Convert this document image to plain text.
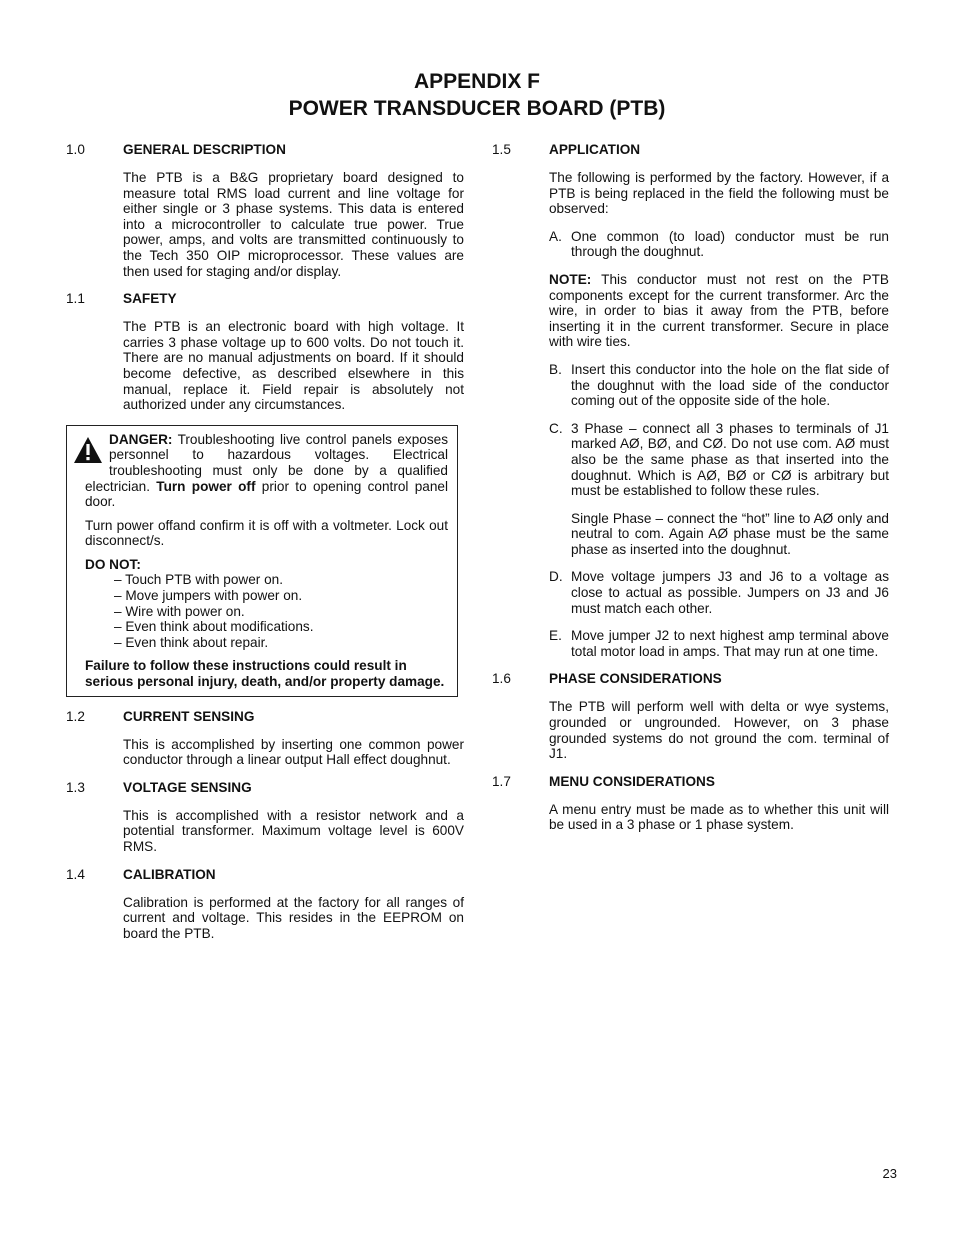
APPENDIX F
POWER TRANSDUCER BOARD (PTB)
1.0	GENERAL DESCRIPTION
The PTB is a B&G proprietary board designed to measure total RMS load current and line voltage for either single or 3 phase systems. This data is entered into a microcontroller to calculate true power. True power, amps, and volts are transmitted continuously to the Tech 350 OIP microprocessor. These values are then used for staging and/or display.
1.1	SAFETY
The PTB is an electronic board with high voltage. It carries 3 phase voltage up to 600 volts. Do not touch it. There are no manual adjustments on board. If it should become defective, as described elsewhere in this manual, replace it. Field repair is absolutely not authorized under any circumstances.
DANGER: Troubleshooting live control panels exposes personnel to hazardous voltages. Electrical troubleshooting must only be done by a qualified electrician. Turn power off prior to opening control panel door.
Turn power offand confirm it is off with a voltmeter. Lock out disconnect/s.
DO NOT:
– Touch PTB with power on.
– Move jumpers with power on.
– Wire with power on.
– Even think about modifications.
– Even think about repair.
Failure to follow these instructions could result in serious personal injury, death, and/or property damage.
1.2	CURRENT SENSING
This is accomplished by inserting one common power conductor through a linear output Hall effect doughnut.
1.3	VOLTAGE SENSING
This is accomplished with a resistor network and a potential transformer. Maximum voltage level is 600V RMS.
1.4	CALIBRATION
Calibration is performed at the factory for all ranges of current and voltage. This resides in the EEPROM on board the PTB.
1.5	APPLICATION
The following is performed by the factory. However, if a PTB is being replaced in the field the following must be observed:
A. One common (to load) conductor must be run through the doughnut.
NOTE: This conductor must not rest on the PTB components except for the current transformer. Arc the wire, in order to bias it away from the PTB, before inserting it in the current transformer. Secure in place with wire ties.
B. Insert this conductor into the hole on the flat side of the doughnut with the load side of the conductor coming out of the opposite side of the hole.
C. 3 Phase – connect all 3 phases to terminals of J1 marked AØ, BØ, and CØ. Do not use com. AØ must also be the same phase as that inserted into the doughnut. Which is AØ, BØ or CØ is arbitrary but must be established to follow these rules.
Single Phase – connect the “hot” line to AØ only and neutral to com. Again AØ phase must be the same phase as inserted into the doughnut.
D. Move voltage jumpers J3 and J6 to a voltage as close to actual as possible. Jumpers on J3 and J6 must match each other.
E. Move jumper J2 to next highest amp terminal above total motor load in amps. That may run at one time.
1.6	PHASE CONSIDERATIONS
The PTB will perform well with delta or wye systems, grounded or ungrounded. However, on 3 phase grounded systems do not ground the com. terminal of J1.
1.7	MENU CONSIDERATIONS
A menu entry must be made as to whether this unit will be used in a 3 phase or 1 phase system.
23
